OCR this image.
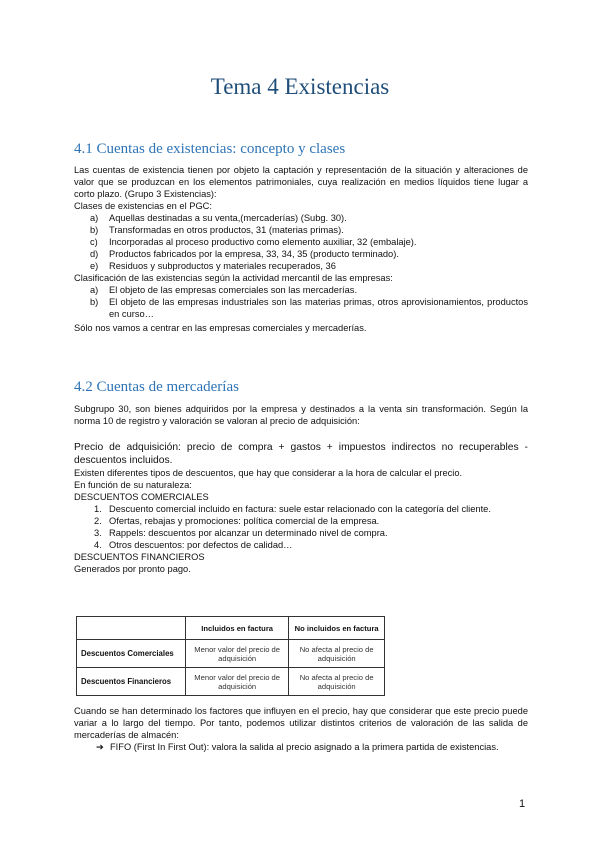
Tema 4 Existencias
4.1 Cuentas de existencias: concepto y clases

Las cuentas de existencia tienen por objeto la captación y representación de la situación y alteraciones de valor que se produzcan en los elementos patrimoniales, cuya realización en medios líquidos tiene lugar a corto plazo. (Grupo 3 Existencias):

Clases de existencias en el PGC:

a) Aquellas destinadas a su venta,(mercaderías) (Subg. 30).
b) Transformadas en otros productos, 31 (materias primas).
c) Incorporadas al proceso productivo como elemento auxiliar, 32 (embalaje).
d) Productos fabricados por la empresa, 33, 34, 35 (producto terminado).
e) Residuos y subproductos y materiales recuperados, 36

Clasificación de las existencias según la actividad mercantil de las empresas:

a) El objeto de las empresas comerciales son las mercaderías.
b) El objeto de las empresas industriales son las materias primas, otros aprovisionamientos, productos en curso…

Sólo nos vamos a centrar en las empresas comerciales y mercaderías.

4.2 Cuentas de mercaderías

Subgrupo 30, son bienes adquiridos por la empresa y destinados a la venta sin transformación. Según la norma 10 de registro y valoración se valoran al precio de adquisición:

Precio de adquisición: precio de compra + gastos + impuestos indirectos no recuperables - descuentos incluidos.

Existen diferentes tipos de descuentos, que hay que considerar a la hora de calcular el precio.

En función de su naturaleza:

DESCUENTOS COMERCIALES

1. Descuento comercial incluido en factura: suele estar relacionado con la categoría del cliente.
2. Ofertas, rebajas y promociones: política comercial de la empresa.
3. Rappels: descuentos por alcanzar un determinado nivel de compra.
4. Otros descuentos: por defectos de calidad…

DESCUENTOS FINANCIEROS

Generados por pronto pago.

	Incluidos en factura	No incluidos en factura
Descuentos Comerciales	Menor valor del precio de adquisición	No afecta al precio de adquisición
Descuentos Financieros	Menor valor del precio de adquisición	No afecta al precio de adquisición

Cuando se han determinado los factores que influyen en el precio, hay que considerar que este precio puede variar a lo largo del tiempo. Por tanto, podemos utilizar distintos criterios de valoración de las salida de mercaderías de almacén:

➔ FIFO (First In First Out): valora la salida al precio asignado a la primera partida de existencias.
1
